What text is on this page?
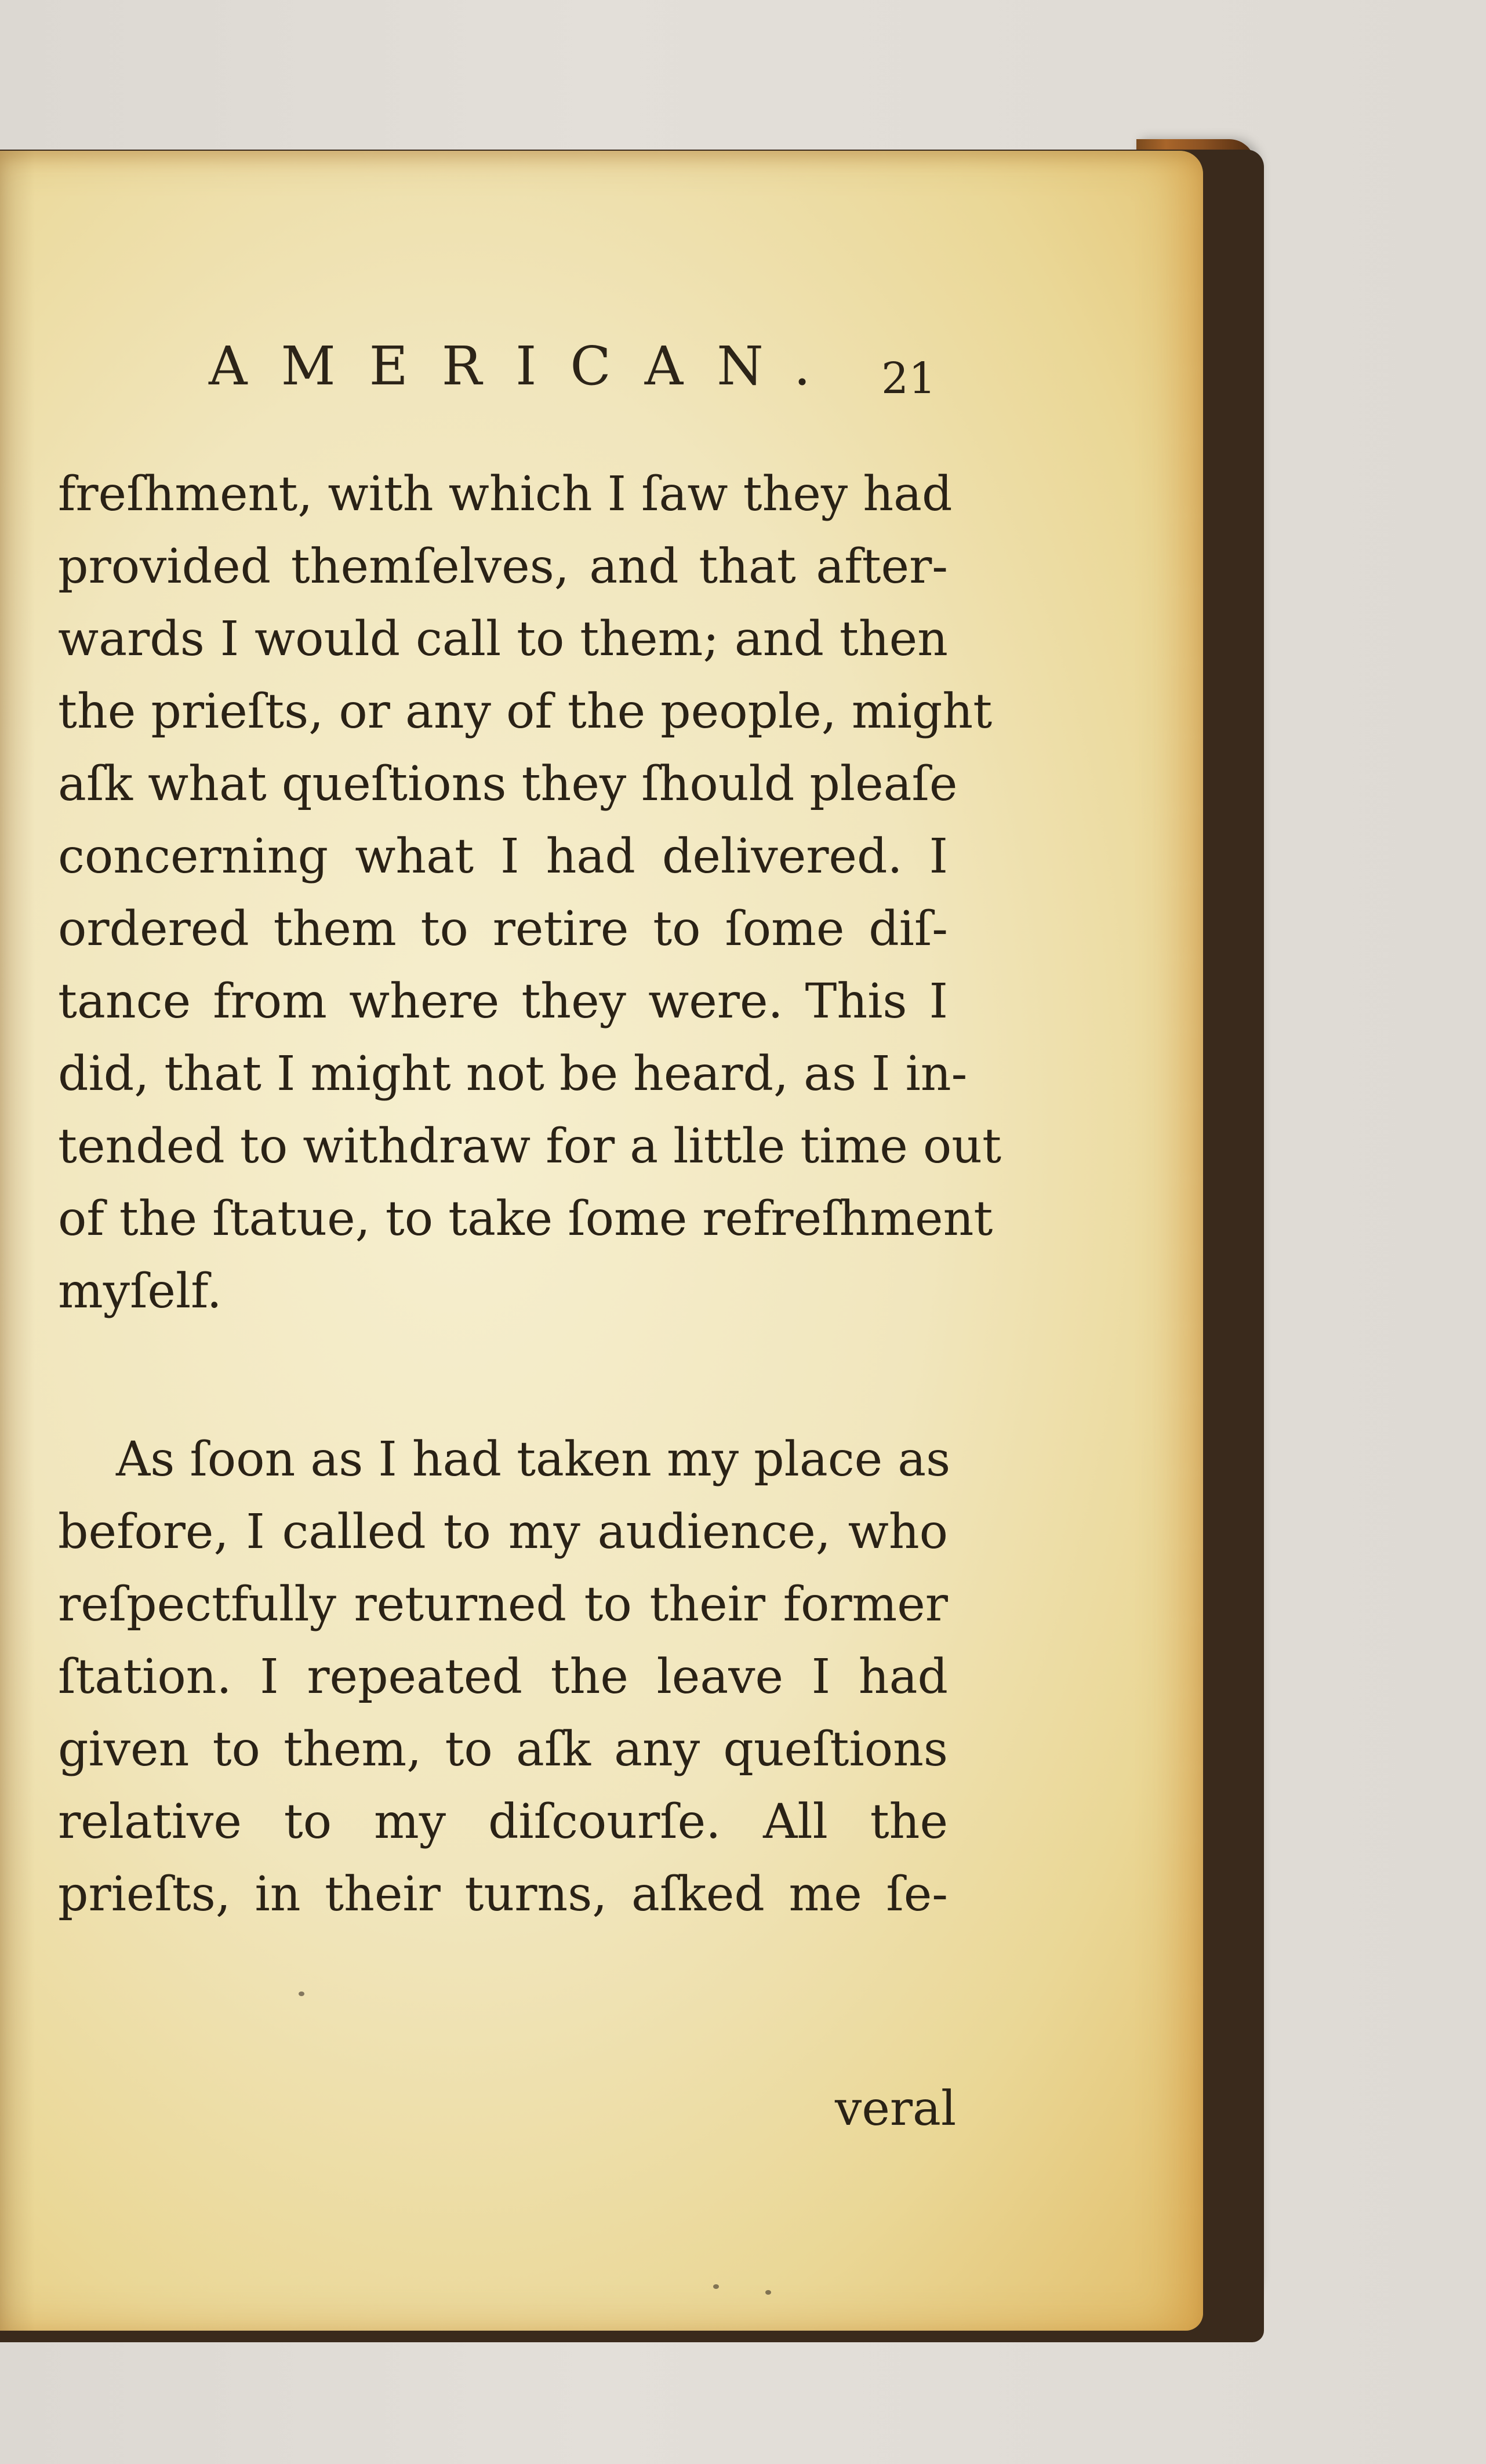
AMERICAN. 21
freſhment, with which I ſaw they had
provided themſelves, and that after-
wards I would call to them; and then
the prieſts, or any of the people, might
aſk what queſtions they ſhould pleaſe
concerning what I had delivered. I
ordered them to retire to ſome diſ-
tance from where they were. This I
did, that I might not be heard, as I in-
tended to withdraw for a little time out
of the ſtatue, to take ſome refreſhment
myſelf.
As ſoon as I had taken my place as
before, I called to my audience, who
reſpectfully returned to their former
ſtation. I repeated the leave I had
given to them, to aſk any queſtions
relative to my diſcourſe. All the
prieſts, in their turns, aſked me ſe-
veral
